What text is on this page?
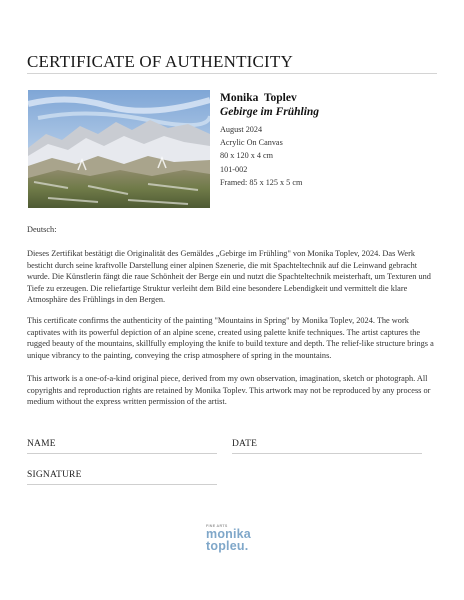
CERTIFICATE OF AUTHENTICITY
Monika  Toplev
Gebirge im Frühling
August 2024
Acrylic On Canvas
80 x 120 x 4 cm
101-002
Framed: 85 x 125 x 5 cm
Deutsch:
Dieses Zertifikat bestätigt die Originalität des Gemäldes „Gebirge im Frühling" von Monika Toplev, 2024. Das Werk besticht durch seine kraftvolle Darstellung einer alpinen Szenerie, die mit Spachteltechnik auf die Leinwand gebracht wurde. Die Künstlerin fängt die raue Schönheit der Berge ein und nutzt die Spachteltechnik meisterhaft, um Texturen und Tiefe zu erzeugen. Die reliefartige Struktur verleiht dem Bild eine besondere Lebendigkeit und vermittelt die klare Atmosphäre des Frühlings in den Bergen.
This certificate confirms the authenticity of the painting "Mountains in Spring" by Monika Toplev, 2024. The work captivates with its powerful depiction of an alpine scene, created using palette knife techniques. The artist captures the rugged beauty of the mountains, skillfully employing the knife to build texture and depth. The relief-like structure brings a unique vibrancy to the painting, conveying the crisp atmosphere of spring in the mountains.
This artwork is a one-of-a-kind original piece, derived from my own observation, imagination, sketch or photograph. All copyrights and reproduction rights are retained by Monika Toplev. This artwork may not be reproduced by any process or medium without the express written permission of the artist.
NAME	DATE
SIGNATURE
FINE ARTS
monika
topleu.
